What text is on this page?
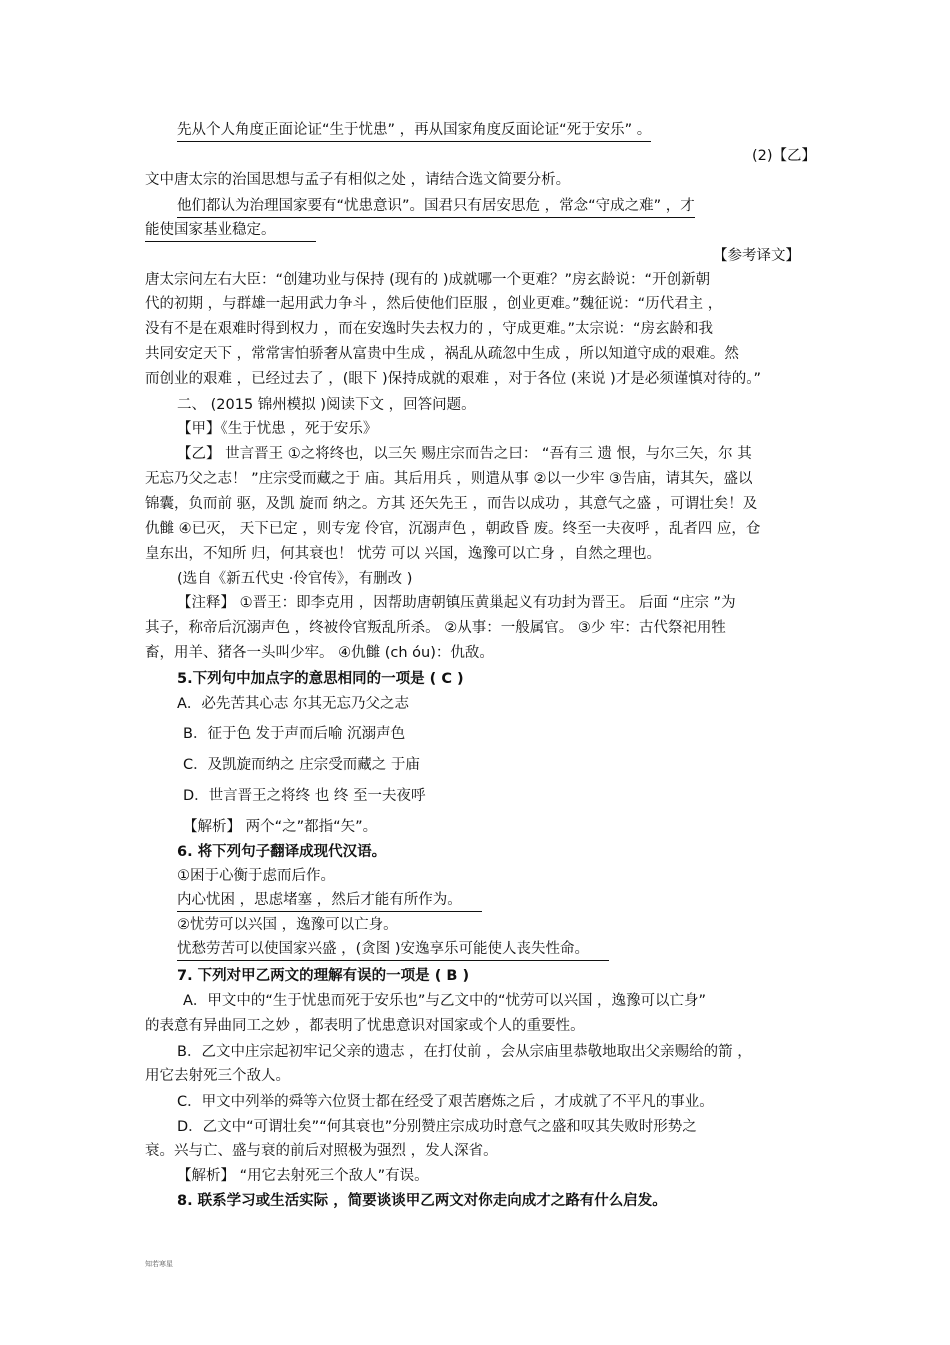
先从个人角度正面论证“生于忧患” ，再从国家角度反面论证“死于安乐” 。
(2)【乙】
文中唐太宗的治国思想与孟子有相似之处 ，请结合选文简要分析。
他们都认为治理国家要有“忧患意识”。国君只有居安思危 ，常念“守成之难” ，才
能使国家基业稳定。
【参考译文】
唐太宗问左右大臣：“创建功业与保持 (现有的 )成就哪一个更难？”房玄龄说：“开创新朝
代的初期 ，与群雄一起用武力争斗 ，然后使他们臣服 ，创业更难。”魏征说：“历代君主 ，
没有不是在艰难时得到权力 ，而在安逸时失去权力的 ，守成更难。”太宗说：“房玄龄和我
共同安定天下 ，常常害怕骄奢从富贵中生成 ，祸乱从疏忽中生成 ，所以知道守成的艰难。然
而创业的艰难 ，已经过去了 ，(眼下 )保持成就的艰难 ，对于各位 (来说 )才是必须谨慎对待的。”
二、 (2015 锦州模拟 )阅读下文 ，回答问题。
【甲】《生于忧患 ，死于安乐》
【乙】 世言晋王 ①之将终也，以三矢 赐庄宗而告之曰： “吾有三 遗 恨，与尔三矢，尔 其
无忘乃父之志！ ”庄宗受而藏之于 庙。其后用兵 ，则遣从事 ②以一少牢 ③告庙，请其矢，盛以
锦囊，负而前 驱，及凯 旋而 纳之。方其 还矢先王 ，而告以成功 ，其意气之盛 ，可谓壮矣！及
仇雠 ④已灭， 天下已定 ，则专宠 伶官，沉溺声色 ，朝政昏 废。终至一夫夜呼 ，乱者四 应，仓
皇东出，不知所 归，何其衰也！ 忧劳 可以 兴国，逸豫可以亡身 ，自然之理也。
(选自《新五代史 ·伶官传》，有删改 )
【注释】 ①晋王：即李克用 ，因帮助唐朝镇压黄巢起义有功封为晋王。 后面 “庄宗 ”为
其子，称帝后沉溺声色 ，终被伶官叛乱所杀。 ②从事：一般属官。 ③少 牢：古代祭祀用牲
畜，用羊、猪各一头叫少牢。 ④仇雠 (ch óu)：仇敌。
5.下列句中加点字的意思相同的一项是 ( C )
A．必先苦其心志 尔其无忘乃父之志
B．征于色 发于声而后喻 沉溺声色
C．及凯旋而纳之 庄宗受而藏之 于庙
D．世言晋王之将终 也 终 至一夫夜呼
【解析】 两个“之”都指“矢”。
6. 将下列句子翻译成现代汉语。
①困于心衡于虑而后作。
内心忧困 ，思虑堵塞 ，然后才能有所作为。
②忧劳可以兴国 ，逸豫可以亡身。
忧愁劳苦可以使国家兴盛 ，(贪图 )安逸享乐可能使人丧失性命。
7. 下列对甲乙两文的理解有误的一项是 ( B )
A．甲文中的“生于忧患而死于安乐也”与乙文中的“忧劳可以兴国 ，逸豫可以亡身”
的表意有异曲同工之妙 ，都表明了忧患意识对国家或个人的重要性。
B．乙文中庄宗起初牢记父亲的遗志 ，在打仗前 ，会从宗庙里恭敬地取出父亲赐给的箭 ，
用它去射死三个敌人。
C．甲文中列举的舜等六位贤士都在经受了艰苦磨炼之后 ，才成就了不平凡的事业。
D．乙文中“可谓壮矣”“何其衰也”分别赞庄宗成功时意气之盛和叹其失败时形势之
衰。兴与亡、盛与衰的前后对照极为强烈 ，发人深省。
【解析】 “用它去射死三个敌人”有误。
8. 联系学习或生活实际 ，简要谈谈甲乙两文对你走向成才之路有什么启发。
知若寒星
